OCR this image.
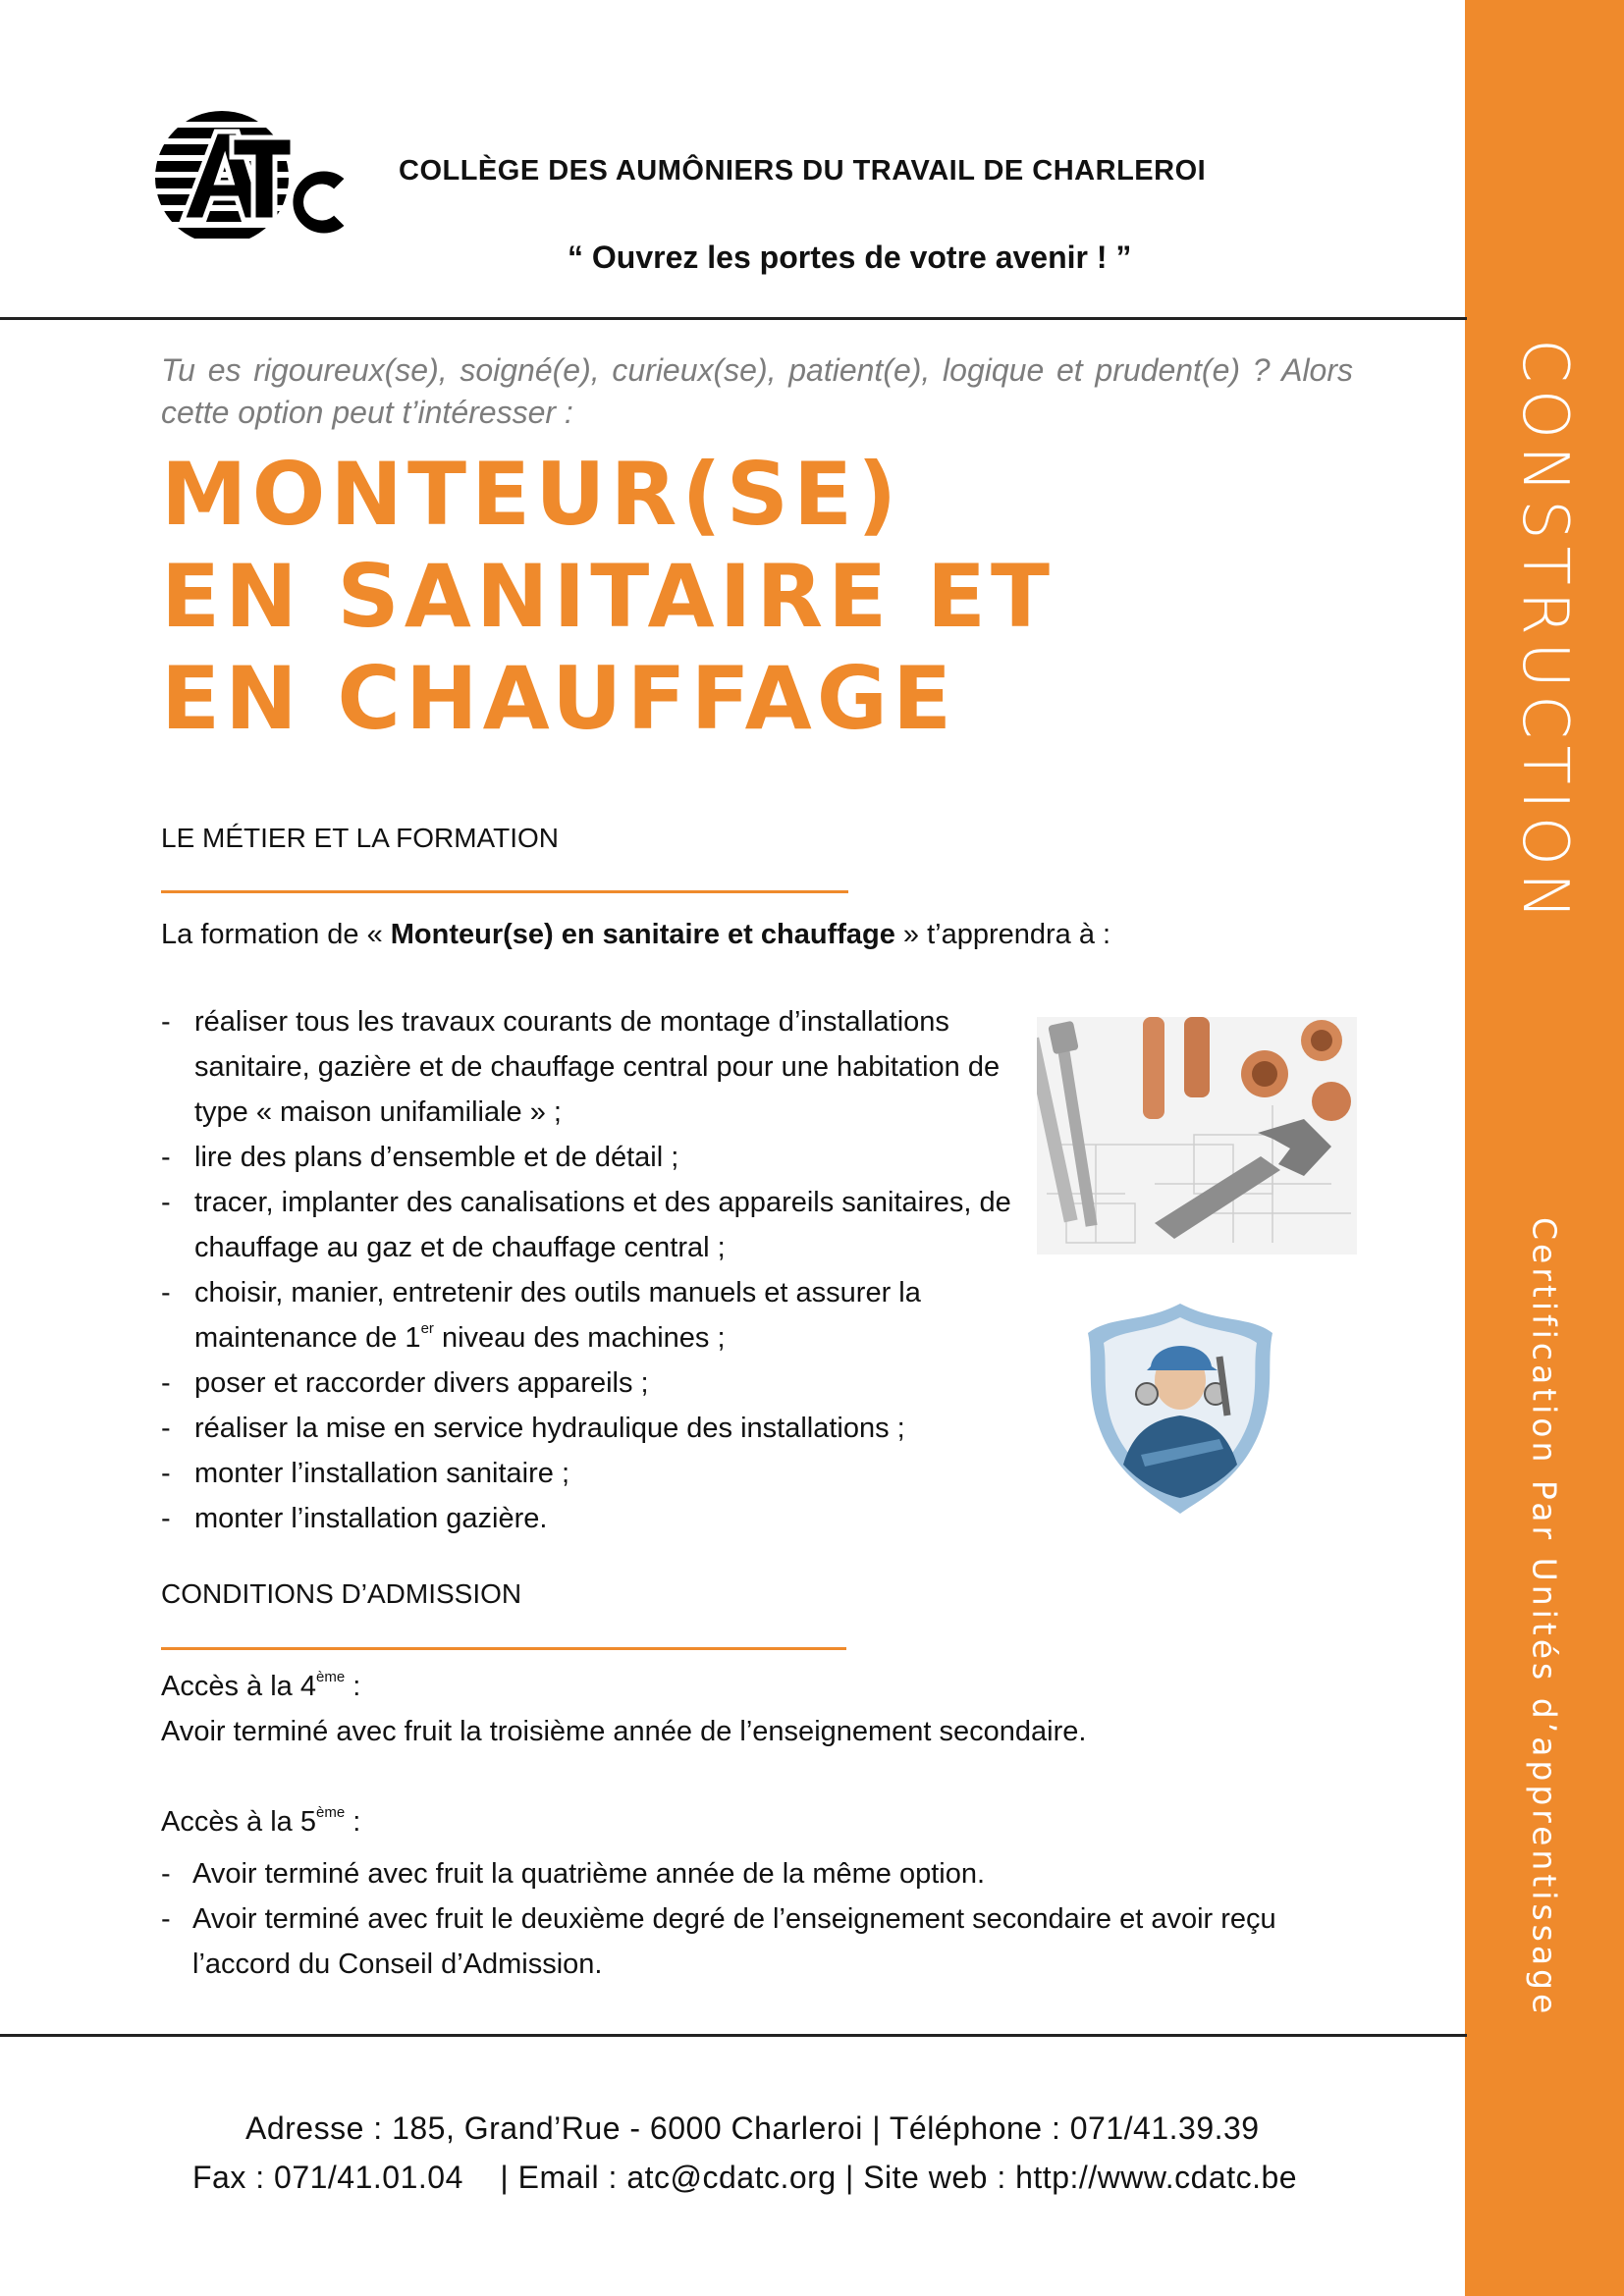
CONSTRUCTION
Certification Par Unités d’apprentissage
COLLÈGE DES AUMÔNIERS DU TRAVAIL DE CHARLEROI
“ Ouvrez les portes de votre avenir ! ”
Tu es rigoureux(se), soigné(e), curieux(se), patient(e), logique et prudent(e) ? Alors cette option peut t’intéresser :
MONTEUR(SE)
EN SANITAIRE ET
EN CHAUFFAGE
LE MÉTIER ET LA FORMATION
La formation de « Monteur(se) en sanitaire et chauffage » t’apprendra à :
- réaliser tous les travaux courants de montage d’installations sanitaire, gazière et de chauffage central pour une habitation de type « maison unifamiliale » ;
- lire des plans d’ensemble et de détail ;
- tracer, implanter des canalisations et des appareils sanitaires, de chauffage au gaz et de chauffage central ;
- choisir, manier, entretenir des outils manuels et assurer la maintenance de 1er niveau des machines ;
- poser et raccorder divers appareils ;
- réaliser la mise en service hydraulique des installations ;
- monter l’installation sanitaire ;
- monter l’installation gazière.
CONDITIONS D’ADMISSION
Accès à la 4ème :
Avoir terminé avec fruit la troisième année de l’enseignement secondaire.
Accès à la 5ème :
- Avoir terminé avec fruit la quatrième année de la même option.
- Avoir terminé avec fruit le deuxième degré de l’enseignement secondaire et avoir reçu l’accord du Conseil d’Admission.
Adresse : 185, Grand’Rue - 6000 Charleroi | Téléphone : 071/41.39.39
Fax : 071/41.01.04    | Email : atc@cdatc.org | Site web : http://www.cdatc.be
